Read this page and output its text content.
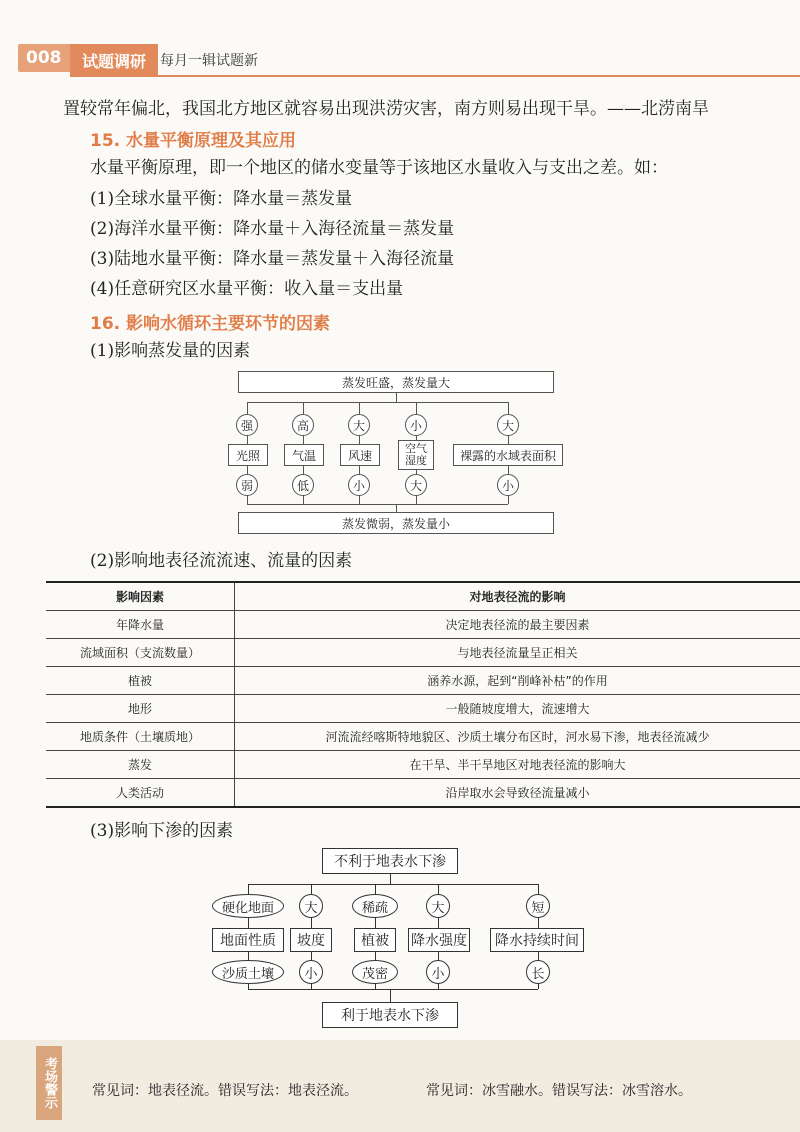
008	试题调研 每月一辑试题新
置较常年偏北，我国北方地区就容易出现洪涝灾害，南方则易出现干旱。——北涝南旱
15. 水量平衡原理及其应用
水量平衡原理，即一个地区的储水变量等于该地区水量收入与支出之差。如：
(1)全球水量平衡：降水量＝蒸发量
(2)海洋水量平衡：降水量＋入海径流量＝蒸发量
(3)陆地水量平衡：降水量＝蒸发量＋入海径流量
(4)任意研究区水量平衡：收入量＝支出量
16. 影响水循环主要环节的因素
(1)影响蒸发量的因素
蒸发旺盛，蒸发量大
蒸发微弱，蒸发量小
强
光照
弱
高
气温
低
大
风速
小
小
空气湿度
大
大
裸露的水域表面积
小
(2)影响地表径流流速、流量的因素
影响因素	对地表径流的影响
年降水量	决定地表径流的最主要因素
流域面积（支流数量）	与地表径流量呈正相关
植被	涵养水源，起到“削峰补枯”的作用
地形	一般随坡度增大，流速增大
地质条件（土壤质地）	河流流经喀斯特地貌区、沙质土壤分布区时，河水易下渗，地表径流减少
蒸发	在干旱、半干旱地区对地表径流的影响大
人类活动	沿岸取水会导致径流量减小
(3)影响下渗的因素
不利于地表水下渗
利于地表水下渗
硬化地面
地面性质
沙质土壤
大
坡度
小
稀疏
植被
茂密
大
降水强度
小
短
降水持续时间
长
考场警示	常见词：地表径流。错误写法：地表泾流。	常见词：冰雪融水。错误写法：冰雪溶水。
